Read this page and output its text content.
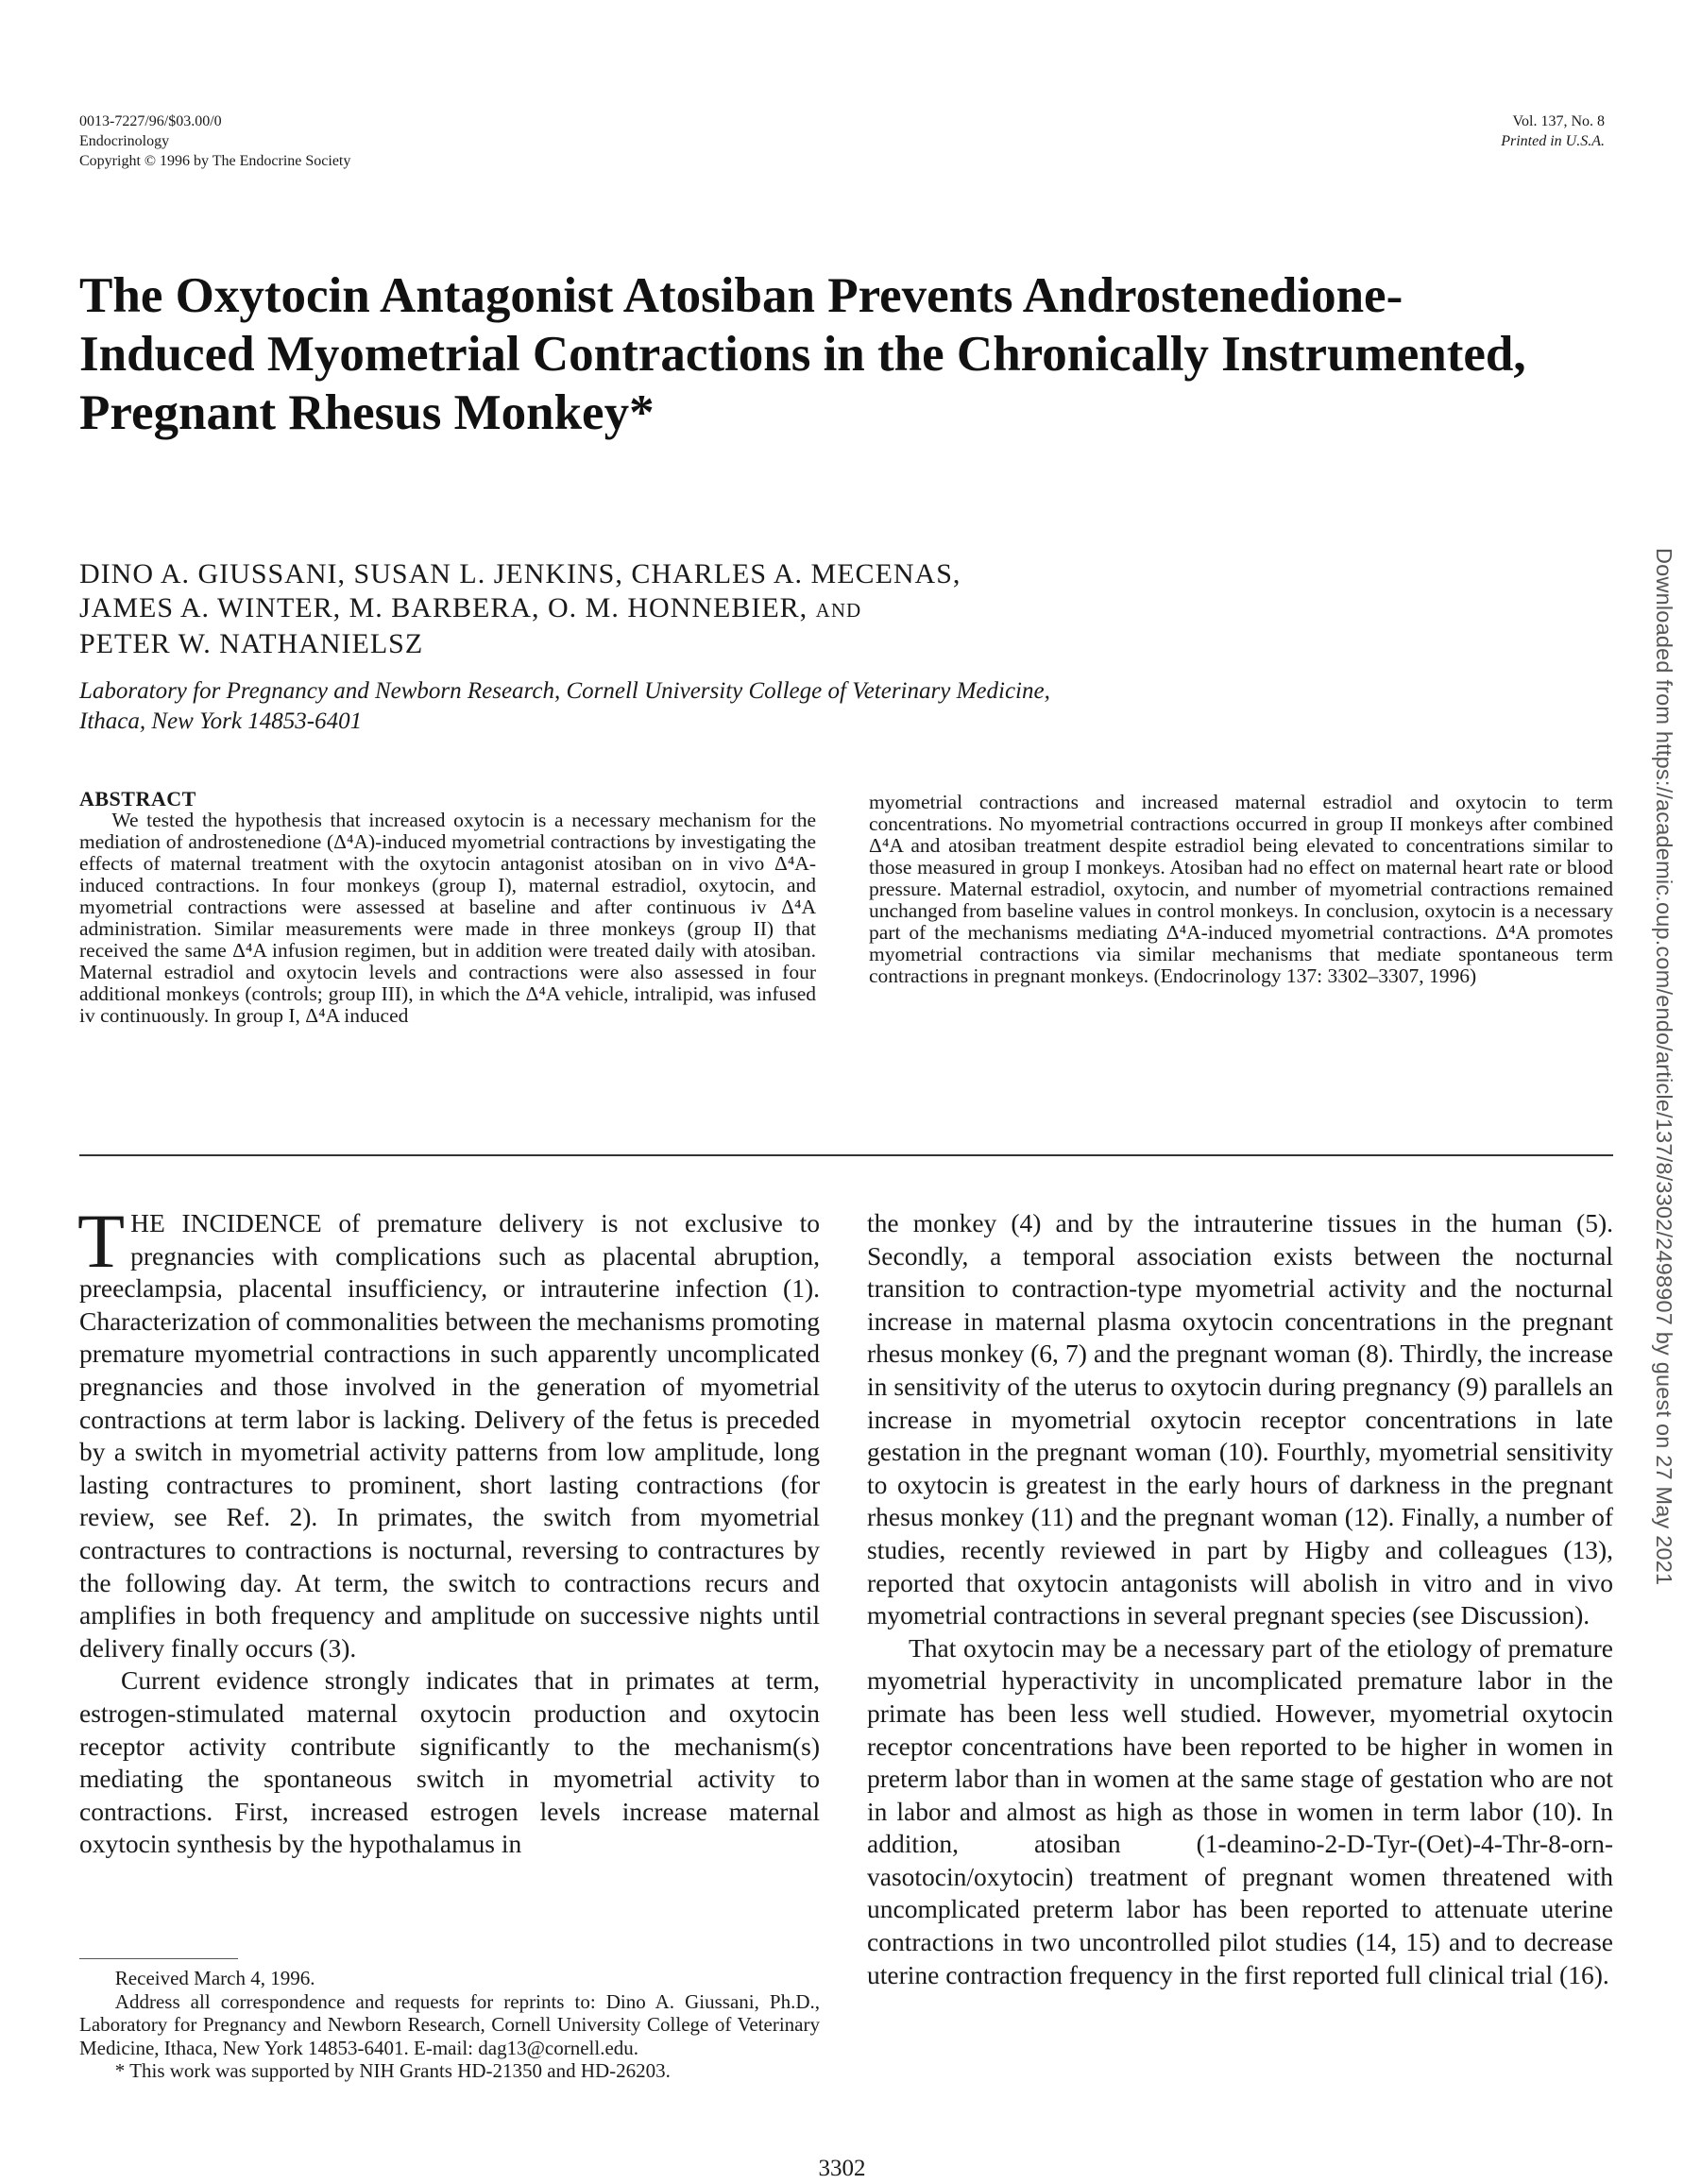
0013-7227/96/$03.00/0
Endocrinology
Copyright © 1996 by The Endocrine Society
Vol. 137, No. 8
Printed in U.S.A.
The Oxytocin Antagonist Atosiban Prevents Androstenedione-Induced Myometrial Contractions in the Chronically Instrumented, Pregnant Rhesus Monkey*
DINO A. GIUSSANI, SUSAN L. JENKINS, CHARLES A. MECENAS,
JAMES A. WINTER, M. BARBERA, O. M. HONNEBIER, AND
PETER W. NATHANIELSZ
Laboratory for Pregnancy and Newborn Research, Cornell University College of Veterinary Medicine,
Ithaca, New York 14853-6401
ABSTRACT
We tested the hypothesis that increased oxytocin is a necessary mechanism for the mediation of androstenedione (Δ⁴A)-induced myometrial contractions by investigating the effects of maternal treatment with the oxytocin antagonist atosiban on in vivo Δ⁴A-induced contractions. In four monkeys (group I), maternal estradiol, oxytocin, and myometrial contractions were assessed at baseline and after continuous iv Δ⁴A administration. Similar measurements were made in three monkeys (group II) that received the same Δ⁴A infusion regimen, but in addition were treated daily with atosiban. Maternal estradiol and oxytocin levels and contractions were also assessed in four additional monkeys (controls; group III), in which the Δ⁴A vehicle, intralipid, was infused iv continuously. In group I, Δ⁴A induced
myometrial contractions and increased maternal estradiol and oxytocin to term concentrations. No myometrial contractions occurred in group II monkeys after combined Δ⁴A and atosiban treatment despite estradiol being elevated to concentrations similar to those measured in group I monkeys. Atosiban had no effect on maternal heart rate or blood pressure. Maternal estradiol, oxytocin, and number of myometrial contractions remained unchanged from baseline values in control monkeys. In conclusion, oxytocin is a necessary part of the mechanisms mediating Δ⁴A-induced myometrial contractions. Δ⁴A promotes myometrial contractions via similar mechanisms that mediate spontaneous term contractions in pregnant monkeys. (Endocrinology 137: 3302–3307, 1996)

THE INCIDENCE of premature delivery is not exclusive to pregnancies with complications such as placental abruption, preeclampsia, placental insufficiency, or intrauterine infection (1). Characterization of commonalities between the mechanisms promoting premature myometrial contractions in such apparently uncomplicated pregnancies and those involved in the generation of myometrial contractions at term labor is lacking. Delivery of the fetus is preceded by a switch in myometrial activity patterns from low amplitude, long lasting contractures to prominent, short lasting contractions (for review, see Ref. 2). In primates, the switch from myometrial contractures to contractions is nocturnal, reversing to contractures by the following day. At term, the switch to contractions recurs and amplifies in both frequency and amplitude on successive nights until delivery finally occurs (3).

Current evidence strongly indicates that in primates at term, estrogen-stimulated maternal oxytocin production and oxytocin receptor activity contribute significantly to the mechanism(s) mediating the spontaneous switch in myometrial activity to contractions. First, increased estrogen levels increase maternal oxytocin synthesis by the hypothalamus in

the monkey (4) and by the intrauterine tissues in the human (5). Secondly, a temporal association exists between the nocturnal transition to contraction-type myometrial activity and the nocturnal increase in maternal plasma oxytocin concentrations in the pregnant rhesus monkey (6, 7) and the pregnant woman (8). Thirdly, the increase in sensitivity of the uterus to oxytocin during pregnancy (9) parallels an increase in myometrial oxytocin receptor concentrations in late gestation in the pregnant woman (10). Fourthly, myometrial sensitivity to oxytocin is greatest in the early hours of darkness in the pregnant rhesus monkey (11) and the pregnant woman (12). Finally, a number of studies, recently reviewed in part by Higby and colleagues (13), reported that oxytocin antagonists will abolish in vitro and in vivo myometrial contractions in several pregnant species (see Discussion).

That oxytocin may be a necessary part of the etiology of premature myometrial hyperactivity in uncomplicated premature labor in the primate has been less well studied. However, myometrial oxytocin receptor concentrations have been reported to be higher in women in preterm labor than in women at the same stage of gestation who are not in labor and almost as high as those in women in term labor (10). In addition, atosiban (1-deamino-2-D-Tyr-(Oet)-4-Thr-8-orn-vasotocin/oxytocin) treatment of pregnant women threatened with uncomplicated preterm labor has been reported to attenuate uterine contractions in two uncontrolled pilot studies (14, 15) and to decrease uterine contraction frequency in the first reported full clinical trial (16).

Received March 4, 1996.

Address all correspondence and requests for reprints to: Dino A. Giussani, Ph.D., Laboratory for Pregnancy and Newborn Research, Cornell University College of Veterinary Medicine, Ithaca, New York 14853-6401. E-mail: dag13@cornell.edu.

* This work was supported by NIH Grants HD-21350 and HD-26203.

3302
Downloaded from https://academic.oup.com/endo/article/137/8/3302/2498907 by guest on 27 May 2021
